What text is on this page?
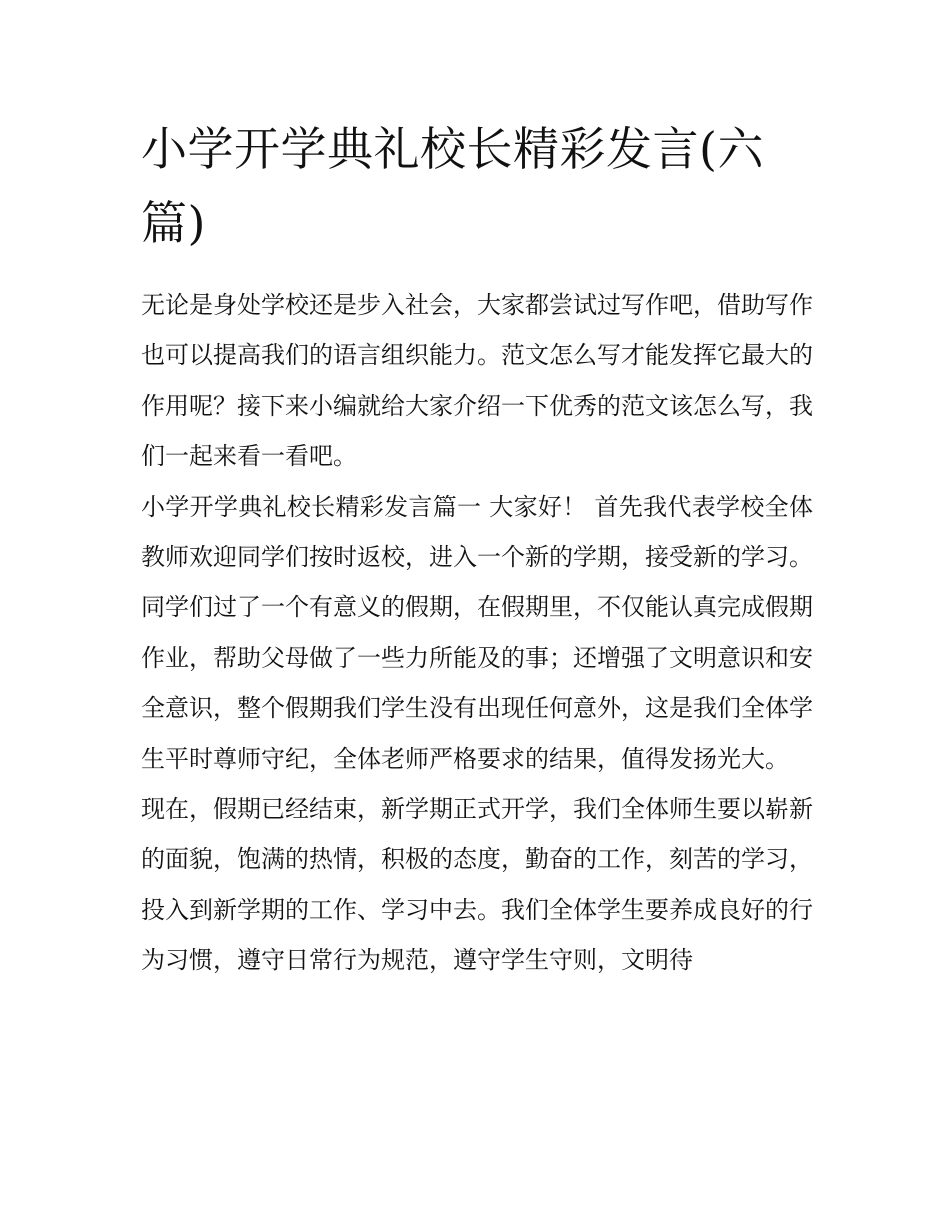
小学开学典礼校长精彩发言(六篇)

无论是身处学校还是步入社会，大家都尝试过写作吧，借助写作也可以提高我们的语言组织能力。范文怎么写才能发挥它最大的作用呢？接下来小编就给大家介绍一下优秀的范文该怎么写，我们一起来看一看吧。

小学开学典礼校长精彩发言篇一 大家好！ 首先我代表学校全体教师欢迎同学们按时返校，进入一个新的学期，接受新的学习。

同学们过了一个有意义的假期，在假期里，不仅能认真完成假期作业，帮助父母做了一些力所能及的事；还增强了文明意识和安全意识，整个假期我们学生没有出现任何意外，这是我们全体学生平时尊师守纪，全体老师严格要求的结果，值得发扬光大。

现在，假期已经结束，新学期正式开学，我们全体师生要以崭新的面貌，饱满的热情，积极的态度，勤奋的工作，刻苦的学习，投入到新学期的工作、学习中去。我们全体学生要养成良好的行为习惯，遵守日常行为规范，遵守学生守则，文明待
